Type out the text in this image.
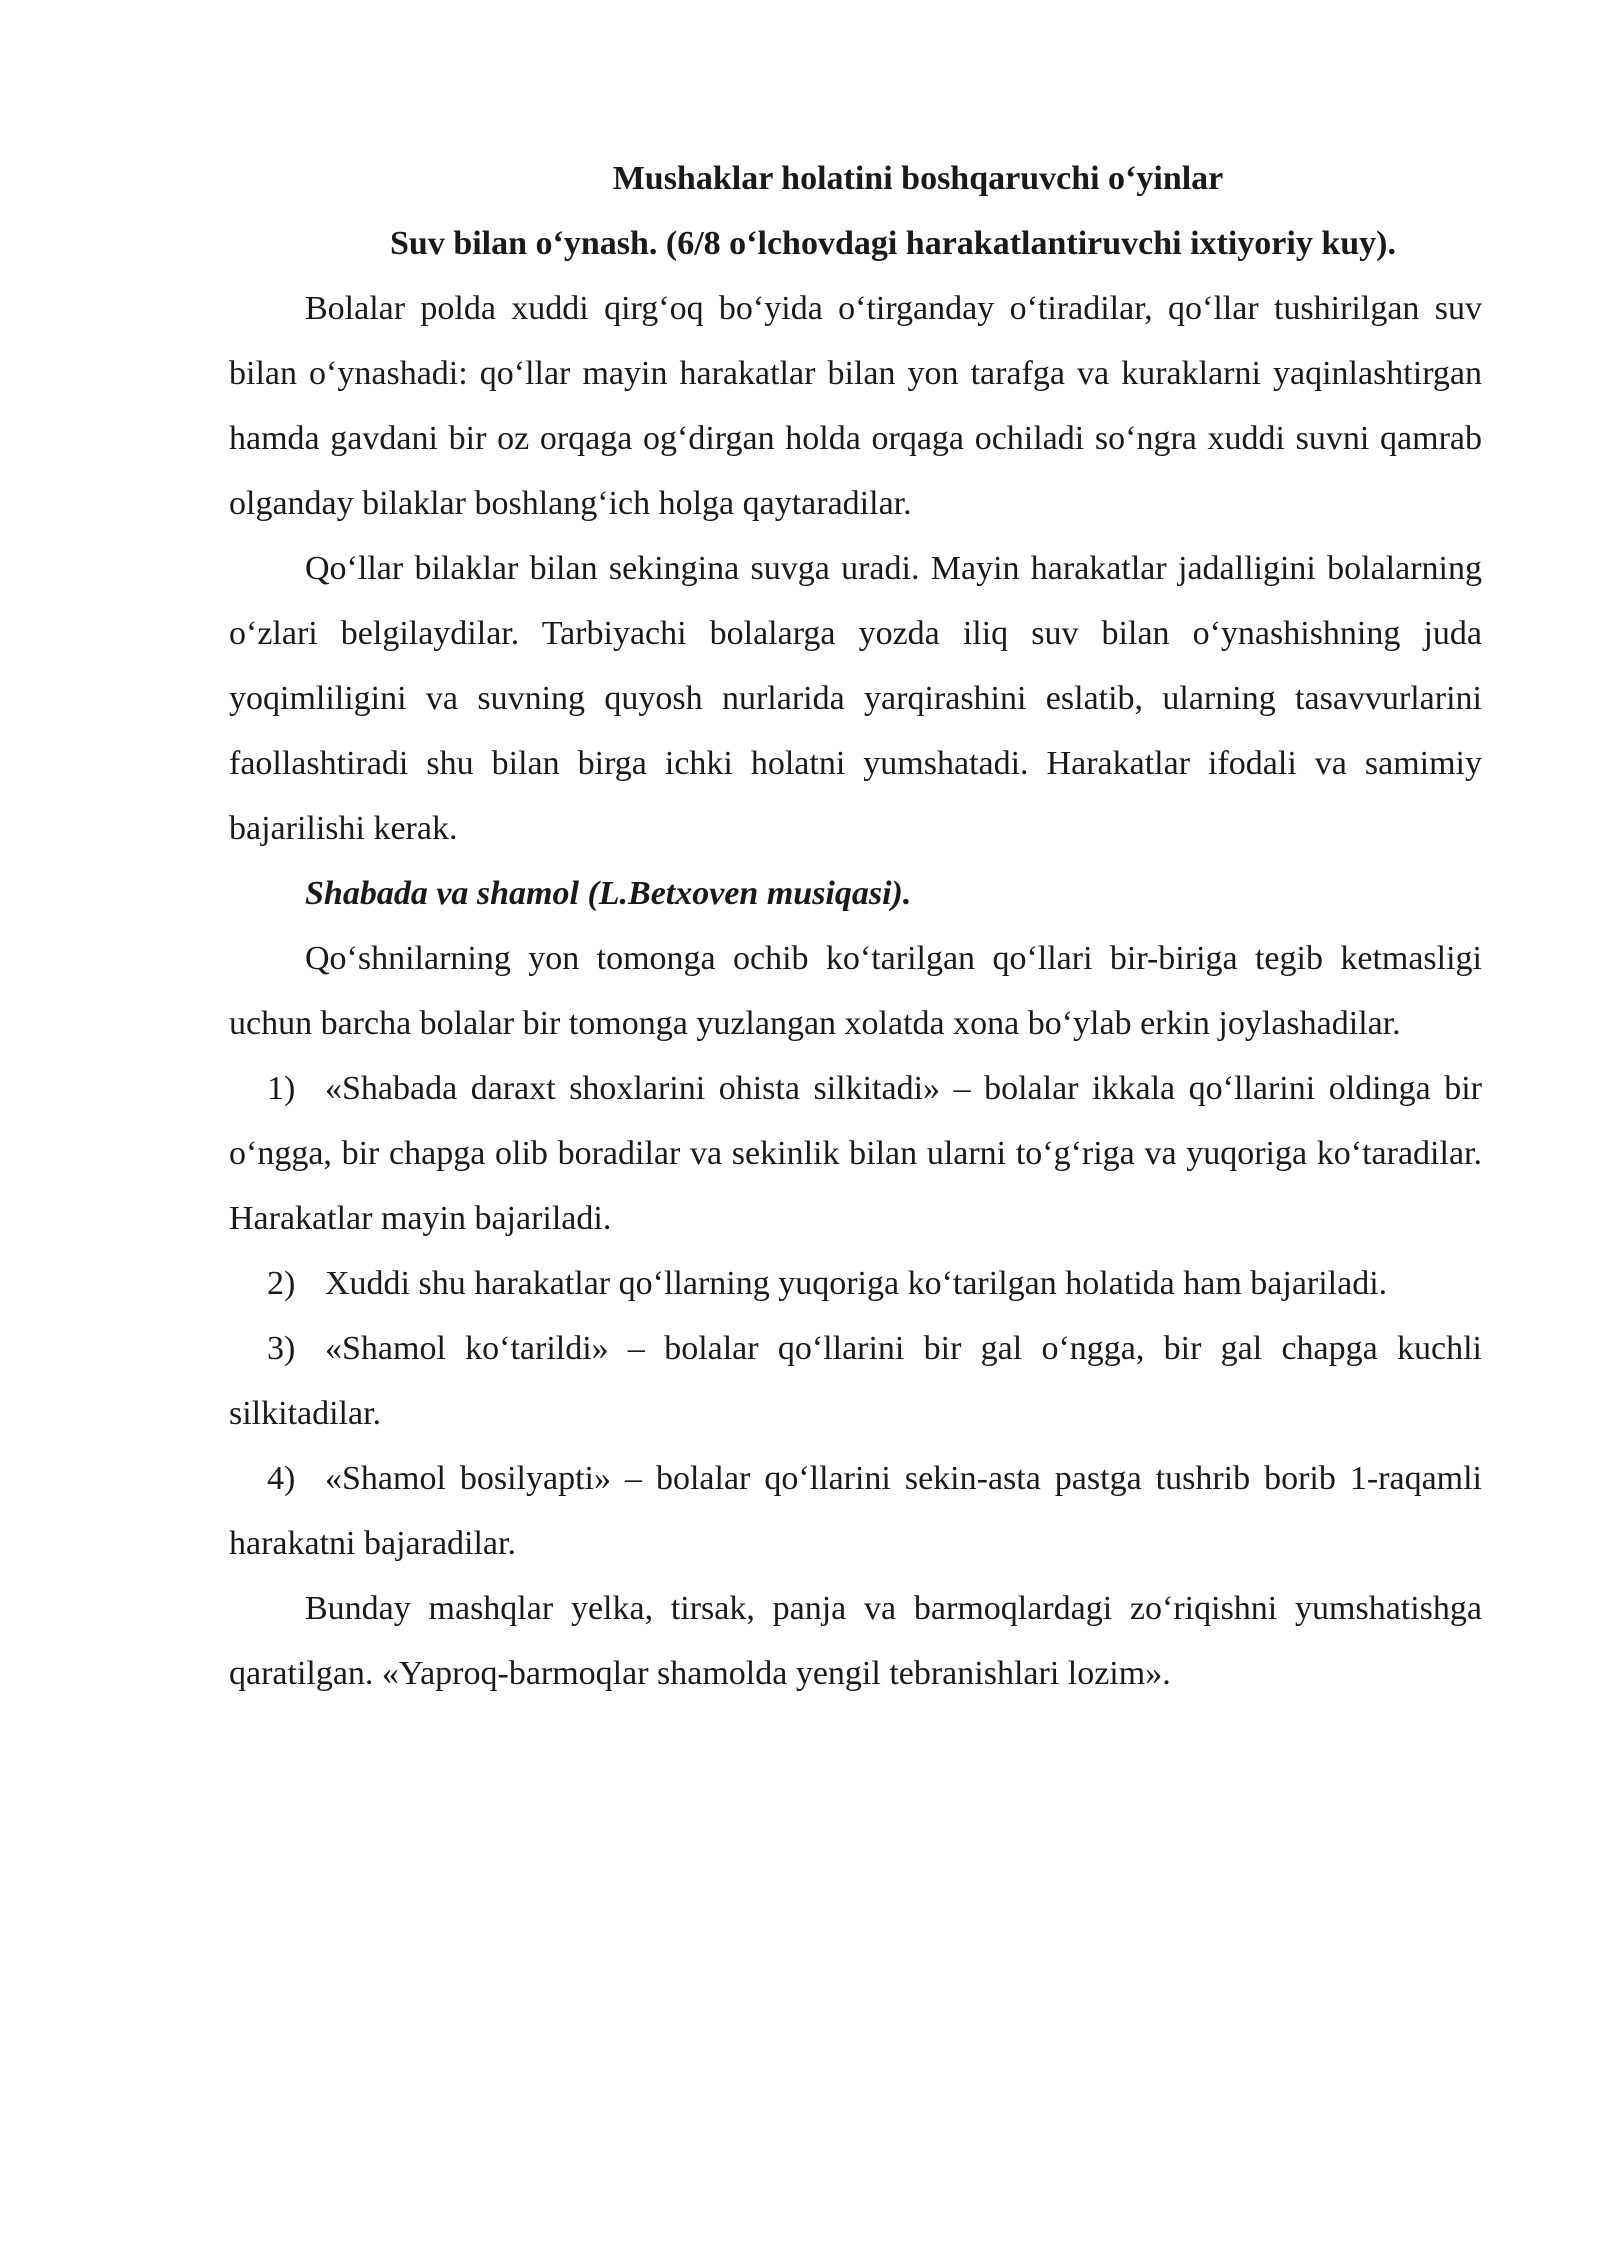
Mushaklar holatini boshqaruvchi o‘yinlar

Suv bilan o‘ynash. (6/8 o‘lchovdagi harakatlantiruvchi ixtiyoriy kuy).

Bolalar polda xuddi qirg‘oq bo‘yida o‘tirganday o‘tiradilar, qo‘llar tushirilgan suv bilan o‘ynashadi: qo‘llar mayin harakatlar bilan yon tarafga va kuraklarni yaqinlashtirgan hamda gavdani bir oz orqaga og‘dirgan holda orqaga ochiladi so‘ngra xuddi suvni qamrab olganday bilaklar boshlang‘ich holga qaytaradilar.

Qo‘llar bilaklar bilan sekingina suvga uradi. Mayin harakatlar jadalligini bolalarning o‘zlari belgilaydilar. Tarbiyachi bolalarga yozda iliq suv bilan o‘ynashishning juda yoqimliligini va suvning quyosh nurlarida yarqirashini eslatib, ularning tasavvurlarini faollashtiradi shu bilan birga ichki holatni yumshatadi. Harakatlar ifodali va samimiy bajarilishi kerak.

Shabada va shamol (L.Betxoven musiqasi).

Qo‘shnilarning yon tomonga ochib ko‘tarilgan qo‘llari bir-biriga tegib ketmasligi uchun barcha bolalar bir tomonga yuzlangan xolatda xona bo‘ylab erkin joylashadilar.

1) «Shabada daraxt shoxlarini ohista silkitadi» – bolalar ikkala qo‘llarini oldinga bir o‘ngga, bir chapga olib boradilar va sekinlik bilan ularni to‘g‘riga va yuqoriga ko‘taradilar. Harakatlar mayin bajariladi.

2) Xuddi shu harakatlar qo‘llarning yuqoriga ko‘tarilgan holatida ham bajariladi.

3) «Shamol ko‘tarildi» – bolalar qo‘llarini bir gal o‘ngga, bir gal chapga kuchli silkitadilar.

4) «Shamol bosilyapti» – bolalar qo‘llarini sekin-asta pastga tushrib borib 1-raqamli harakatni bajaradilar.

Bunday mashqlar yelka, tirsak, panja va barmoqlardagi zo‘riqishni yumshatishga qaratilgan. «Yaproq-barmoqlar shamolda yengil tebranishlari lozim».
